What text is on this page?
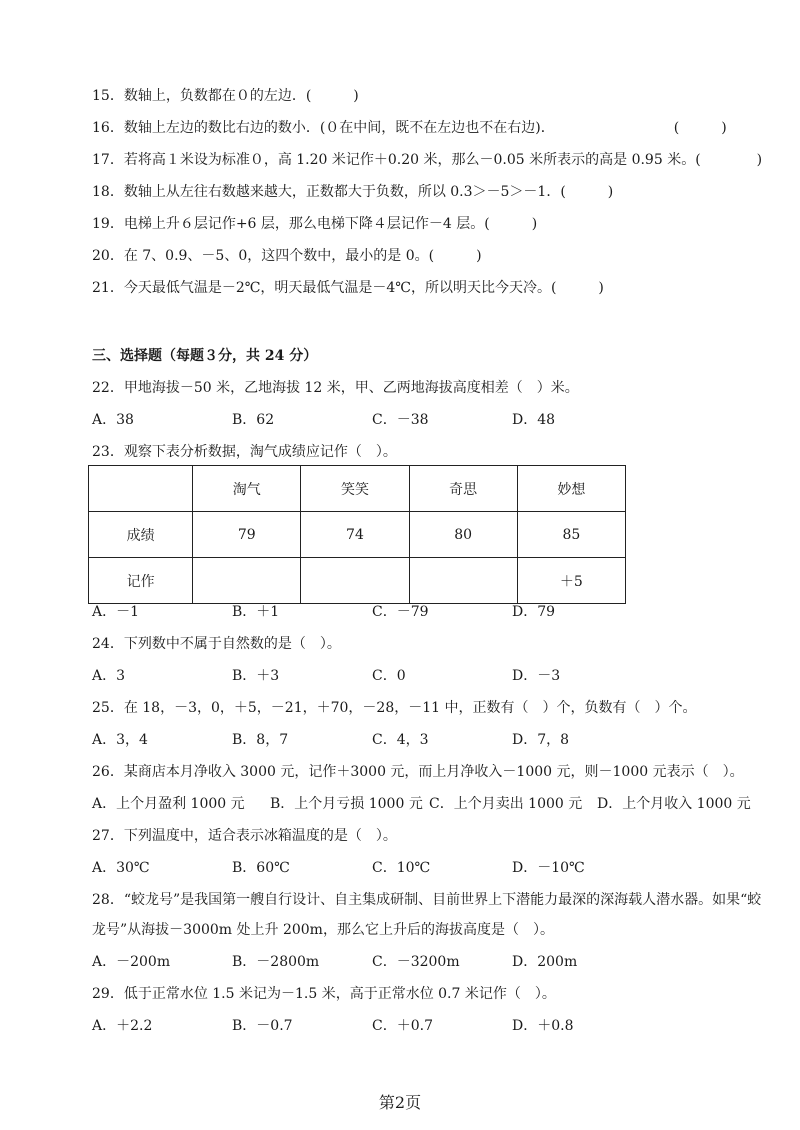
15．数轴上，负数都在０的左边．(　　　)
16．数轴上左边的数比右边的数小．(０在中间，既不在左边也不在右边)．　　　　　　　　　(　　　)
17．若将高１米设为标准０，高 1.20 米记作＋0.20 米，那么－0.05 米所表示的高是 0.95 米。(　　　　)
18．数轴上从左往右数越来越大，正数都大于负数，所以 0.3＞－5＞－1．(　　　)
19．电梯上升６层记作+6 层，那么电梯下降４层记作－4 层。(　　　)
20．在 7、0.9、－5、0，这四个数中，最小的是 0。(　　　)
21．今天最低气温是－2℃，明天最低气温是－4℃，所以明天比今天冷。(　　　)
三、选择题（每题３分，共 24 分）
22．甲地海拔－50 米，乙地海拔 12 米，甲、乙两地海拔高度相差（　）米。
A．38	B．62	C．－38	D．48
23．观察下表分析数据，淘气成绩应记作（　）。
	淘气	笑笑	奇思	妙想
成绩	79	74	80	85
记作				＋5
A．－1	B．＋1	C．－79	D．79
24．下列数中不属于自然数的是（　）。
A．3	B．＋3	C．0	D．－3
25．在 18，－3，0，＋5，－21，＋70，－28，－11 中，正数有（　）个，负数有（　）个。
A．3，4	B．8，7	C．4，3	D．7，8
26．某商店本月净收入 3000 元，记作＋3000 元，而上月净收入－1000 元，则－1000 元表示（　）。
A．上个月盈利 1000 元 B．上个月亏损 1000 元 C．上个月卖出 1000 元 D．上个月收入 1000 元
27．下列温度中，适合表示冰箱温度的是（　）。
A．30℃	B．60℃	C．10℃	D．－10℃
28．“蛟龙号”是我国第一艘自行设计、自主集成研制、目前世界上下潜能力最深的深海载人潜水器。如果“蛟
龙号”从海拔－3000m 处上升 200m，那么它上升后的海拔高度是（　）。
A．－200m	B．－2800m	C．－3200m	D．200m
29．低于正常水位 1.5 米记为－1.5 米，高于正常水位 0.7 米记作（　）。
A．＋2.2	B．－0.7	C．＋0.7	D．＋0.8
第2页
